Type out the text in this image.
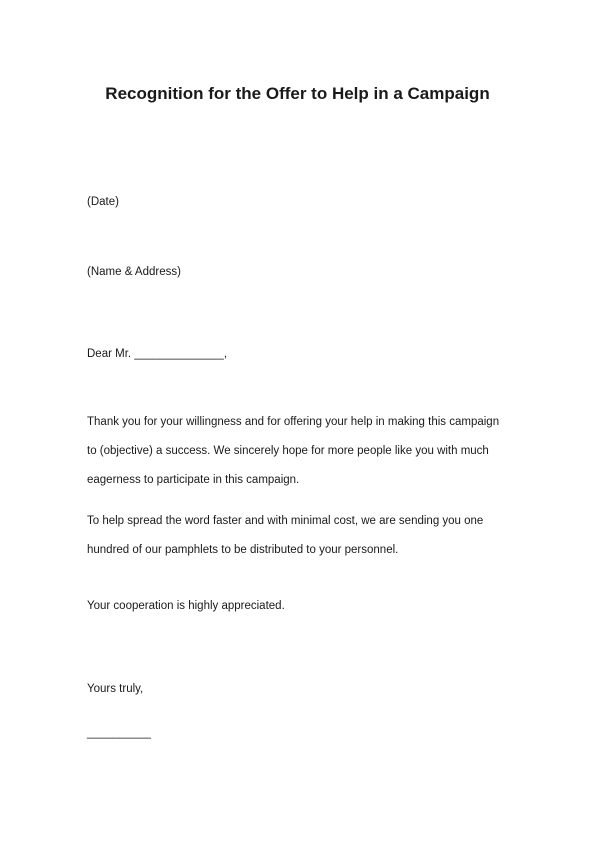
Recognition for the Offer to Help in a Campaign
(Date)
(Name & Address)
Dear Mr. ______________,
Thank you for your willingness and for offering your help in making this campaign
to (objective) a success. We sincerely hope for more people like you with much
eagerness to participate in this campaign.
To help spread the word faster and with minimal cost, we are sending you one
hundred of our pamphlets to be distributed to your personnel.
Your cooperation is highly appreciated.
Yours truly,
__________
